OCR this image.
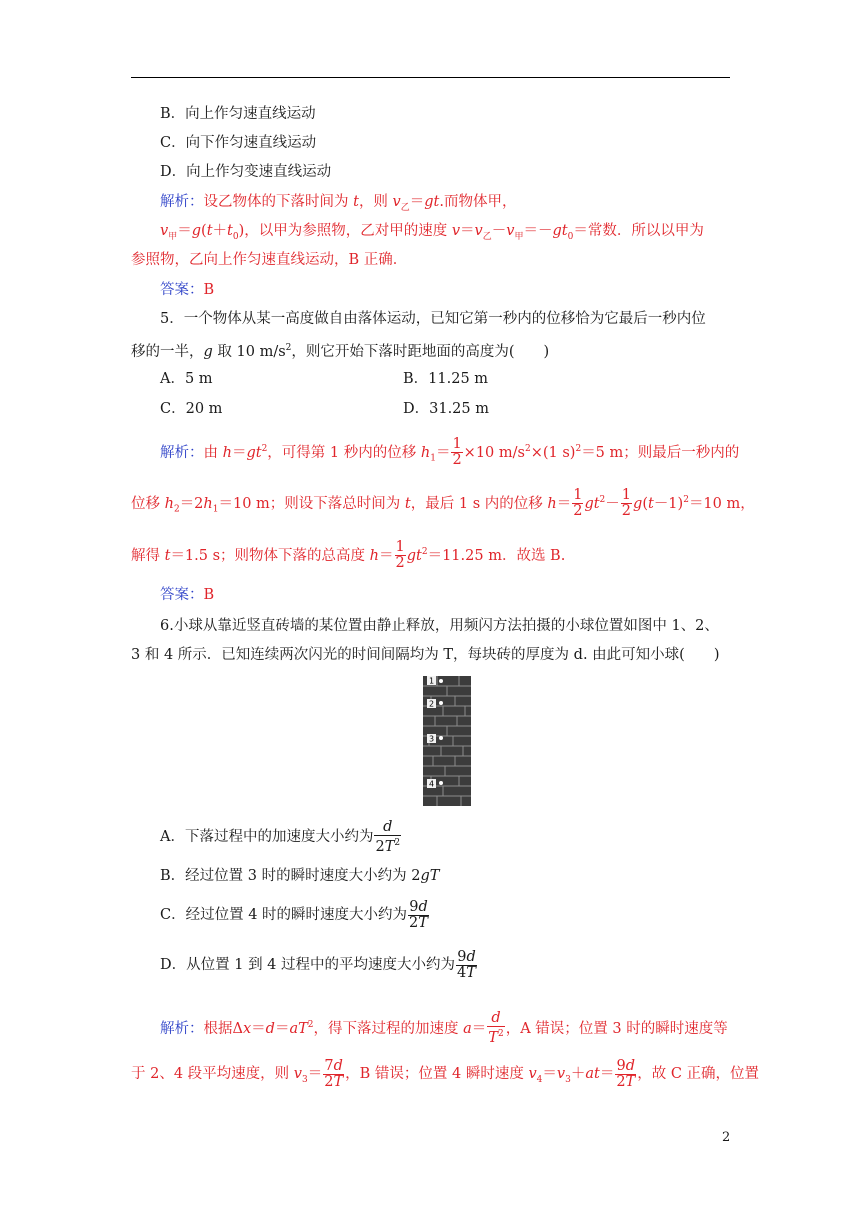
B．向上作匀速直线运动
C．向下作匀速直线运动
D．向上作匀变速直线运动
解析：设乙物体的下落时间为 t，则 $v_乙=gt$.而物体甲，
$v_甲=g(t+t_0)$，以甲为参照物，乙对甲的速度 $v=v_乙-v_甲=-gt_0=$常数．所以以甲为
参照物，乙向上作匀速直线运动，B 正确．
答案：B
5．一个物体从某一高度做自由落体运动，已知它第一秒内的位移恰为它最后一秒内位
移的一半，g 取 10 $m/s^2$，则它开始下落时距地面的高度为(　　)
A．5 m	B．11.25 m
C．20 m	D．31.25 m
解析：由 $h=gt^2$，可得第 1 秒内的位移 $h_1= \frac{1}{2} \times 10$ $m/s^2\times(1$ s)$^2$＝5 m；则最后一秒内的
位移 $h_2=2h_1=10$ m；则设下落总时间为 t，最后 1 s 内的位移 $h= \frac{1}{2} gt^2- \frac{1}{2} g(t-1)^2=10$ m，
解得 t＝1.5 s；则物体下落的总高度 $h= \frac{1}{2} gt^2=11.25$ m．故选 B.
答案：B
6.小球从靠近竖直砖墙的某位置由静止释放，用频闪方法拍摄的小球位置如图中 1、2、
3 和 4 所示．已知连续两次闪光的时间间隔均为 T，每块砖的厚度为 d. 由此可知小球(　　)
1
2
3
4
A．下落过程中的加速度大小约为 $\frac{d}{2T^2}$
B．经过位置 3 时的瞬时速度大小约为 2gT
C．经过位置 4 时的瞬时速度大小约为 $\frac{9d}{2T}$
D．从位置 1 到 4 过程中的平均速度大小约为 $\frac{9d}{4T}$
解析：根据$\Delta x=d=aT^2$，得下落过程的加速度 $a= \frac{d}{T^2}$ ，A 错误；位置 3 时的瞬时速度等
于 2、4 段平均速度，则 $v_3= \frac{7d}{2T}$ ，B 错误；位置 4 瞬时速度 $v_4=v_3+at= \frac{9d}{2T}$ ，故 C 正确，位置
2
